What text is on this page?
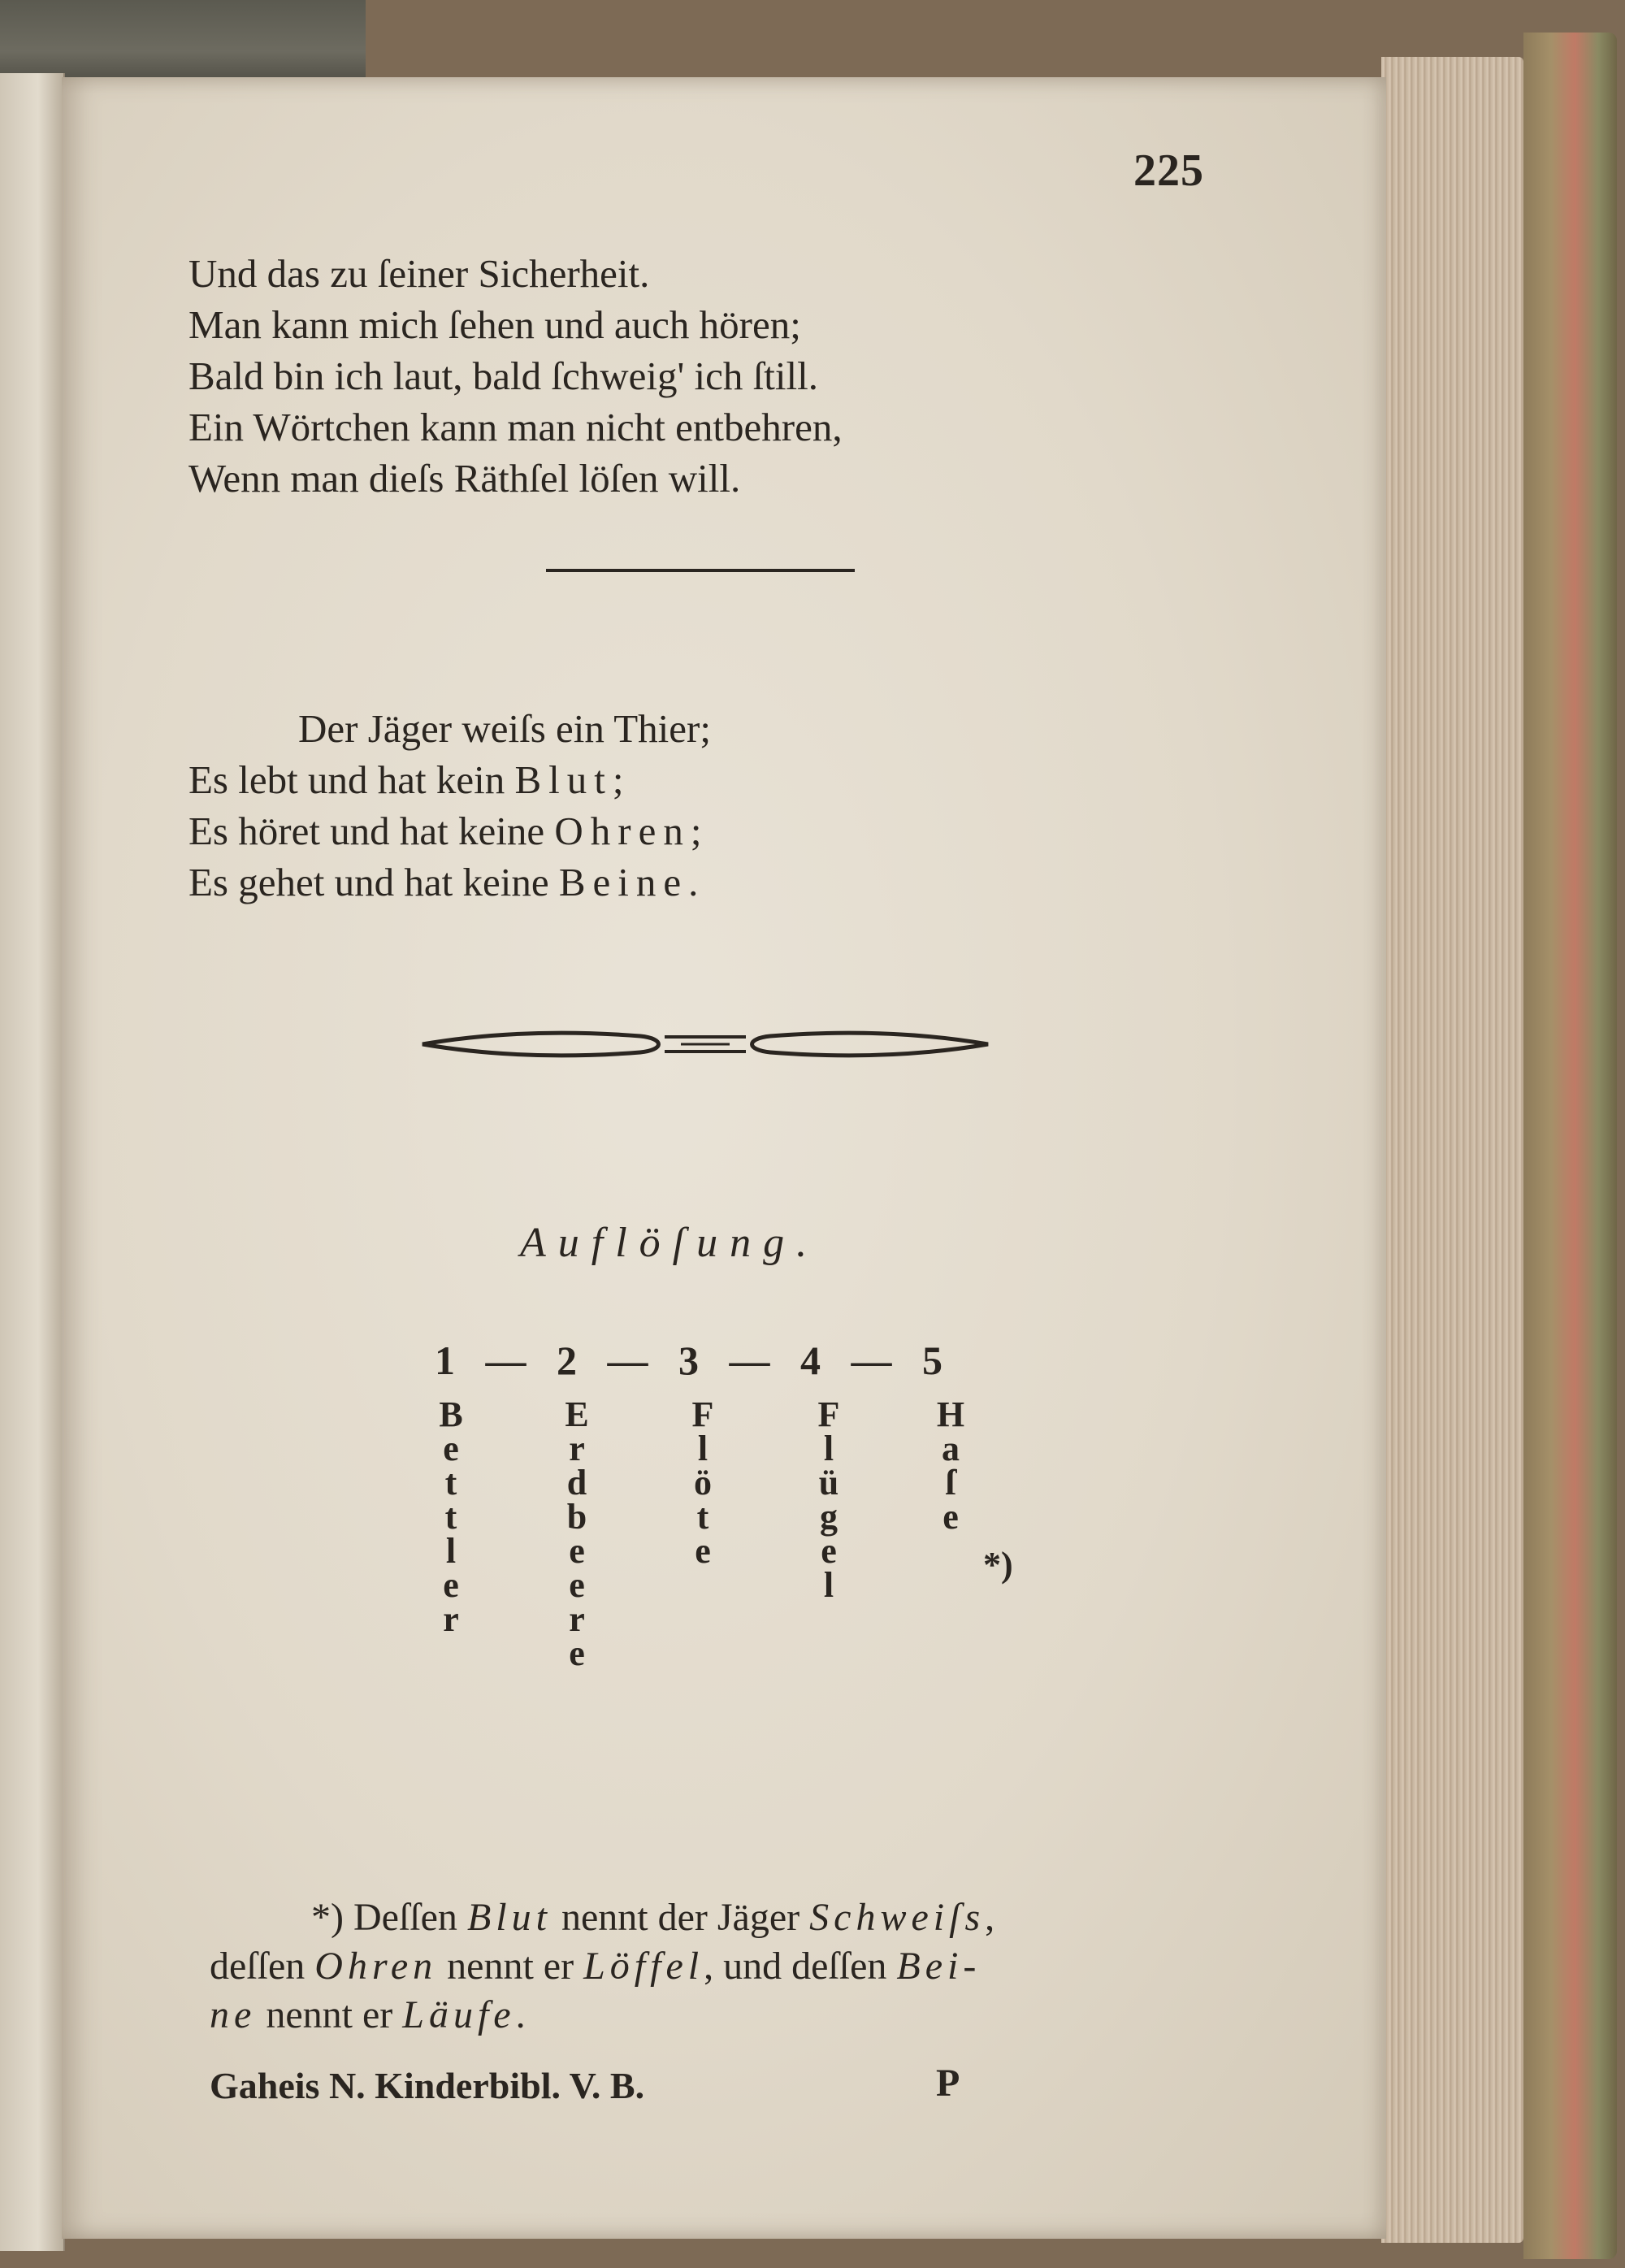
225
Und das zu ſeiner Sicherheit.
Man kann mich ſehen und auch hören;
Bald bin ich laut, bald ſchweig' ich ſtill.
Ein Wörtchen kann man nicht entbehren,
Wenn man dieſs Räthſel löſen will.
Der Jäger weiſs ein Thier;
Es lebt und hat kein Blut;
Es höret und hat keine Ohren;
Es gehet und hat keine Beine.
Auflöſung.
1 — 2 — 3 — 4 — 5
B
e
t
t
l
e
r
E
r
d
b
e
e
r
e
F
l
ö
t
e
F
l
ü
g
e
l
H
a
ſ
e
*)
*) Deſſen Blut nennt der Jäger Schweiſs,
deſſen Ohren nennt er Löffel, und deſſen Bei-
ne nennt er Läufe.
Gaheis N. Kinderbibl. V. B.	P
